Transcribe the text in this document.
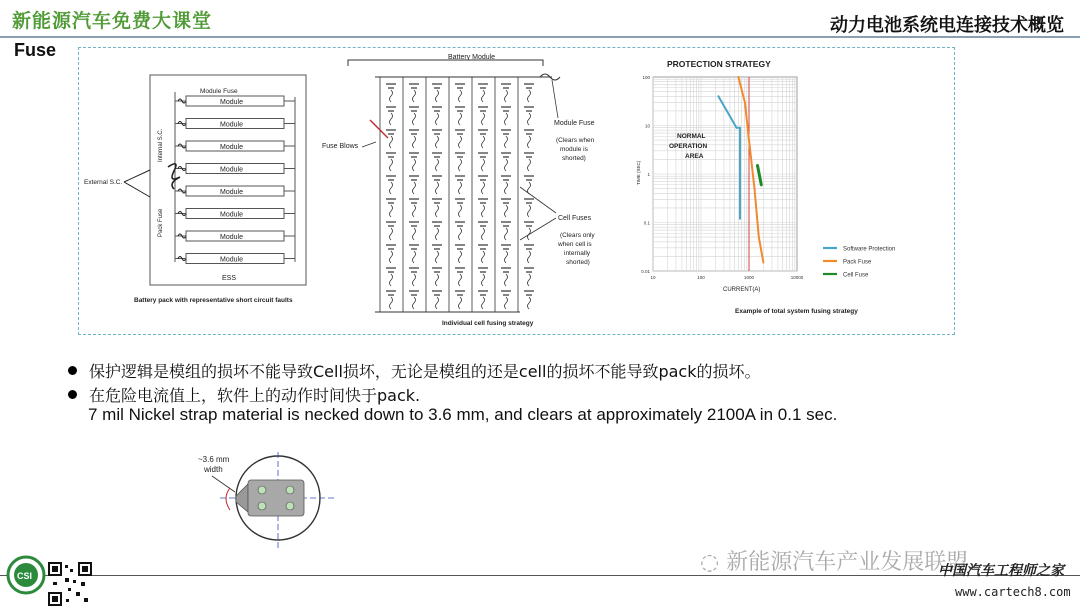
新能源汽车免费大课堂	动力电池系统电连接技术概览
Fuse
Module Fuse
Module
Module
Module
Module
Module
Module
Module
Module
Internal S.C.
Pack Fuse
External S.C.
ESS
Battery pack with representative short circuit faults
Battery Module
Fuse Blows
Module Fuse
(Clears when
module is
shorted)
Cell Fuses
(Clears only
when cell is
internally
shorted)
Individual cell fusing strategy
PROTECTION STRATEGY
10	100	1000	10000
100
10
1
0.1
0.01
Software Protection
Pack Fuse
Cell Fuse
TIME (SEC)
CURRENT(A)
NORMAL
OPERATION
AREA
Example of total system fusing strategy
保护逻辑是模组的损坏不能导致Cell损坏，无论是模组的还是cell的损坏不能导致pack的损坏。
在危险电流值上，软件上的动作时间快于pack.
7 mil Nickel strap material is necked down to 3.6 mm, and clears at approximately 2100A in 0.1 sec.
~3.6 mm
width
CSI
◌ 新能源汽车产业发展联盟
中国汽车工程师之家
www.cartech8.com
